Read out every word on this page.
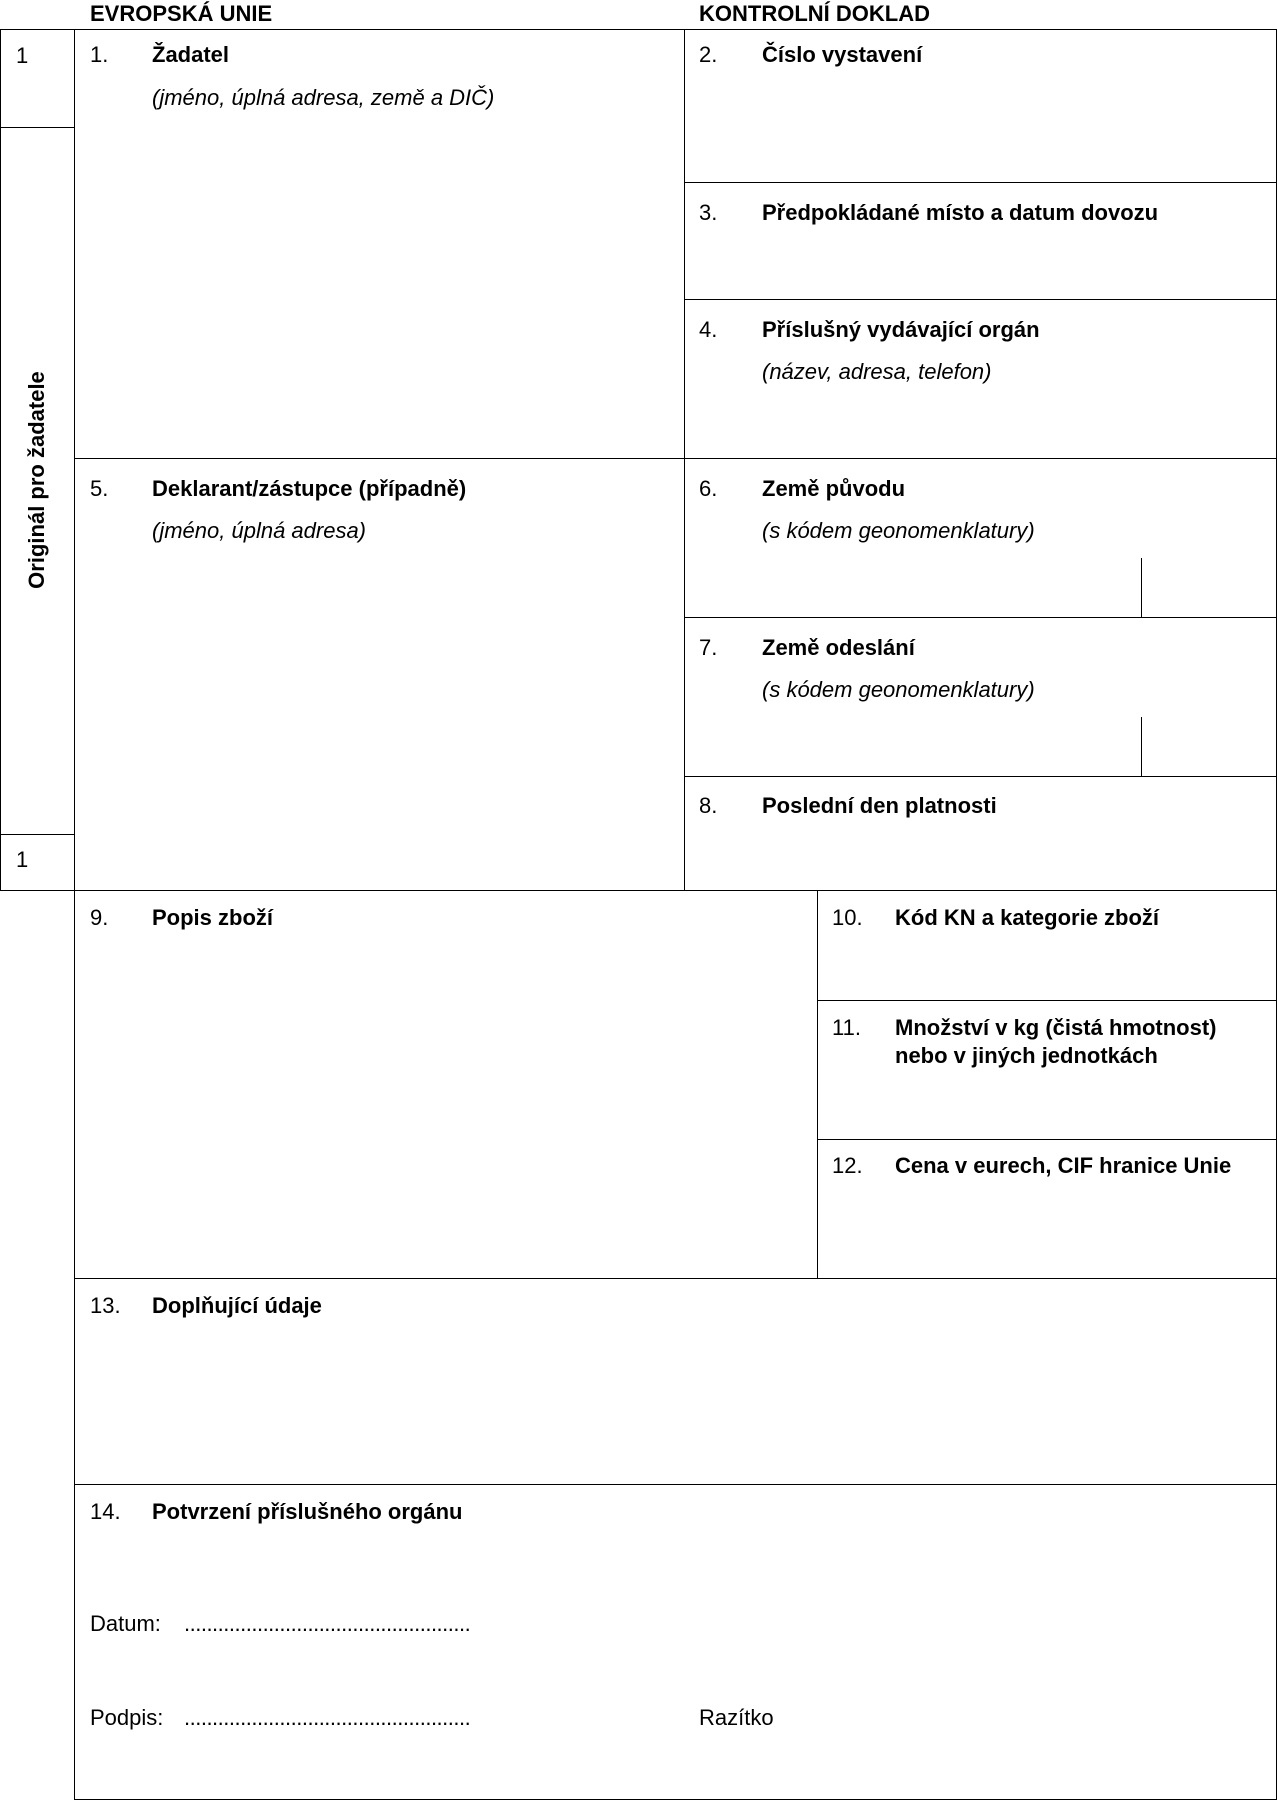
EVROPSKÁ UNIE	KONTROLNÍ DOKLAD
1
1
Originál pro žadatele
1. Žadatel
(jméno, úplná adresa, země a DIČ)
2. Číslo vystavení
3. Předpokládané místo a datum dovozu
4. Příslušný vydávající orgán
(název, adresa, telefon)
5. Deklarant/zástupce (případně)
(jméno, úplná adresa)
6. Země původu
(s kódem geonomenklatury)
7. Země odeslání
(s kódem geonomenklatury)
8. Poslední den platnosti
9. Popis zboží	10. Kód KN a kategorie zboží
11. Množství v kg (čistá hmotnost)
nebo v jiných jednotkách
12. Cena v eurech, CIF hranice Unie
13. Doplňující údaje
14. Potvrzení příslušného orgánu
Datum: ...................................................
Podpis: ...................................................	Razítko
